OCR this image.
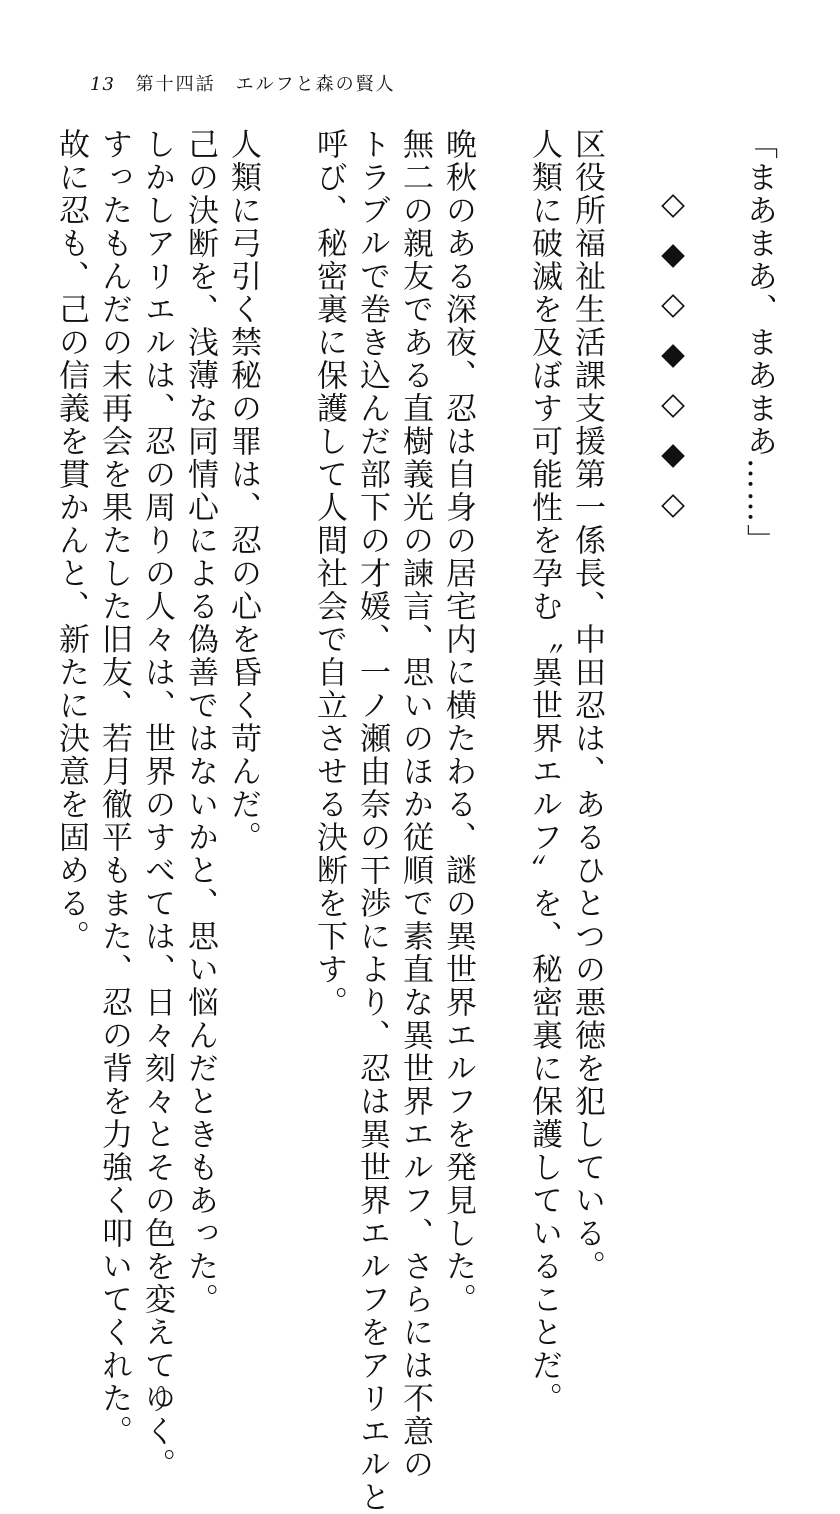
13 第十四話　エルフと森の賢人
「まあまあ、まあまあ……」
◇◆◇◆◇◆◇
区役所福祉生活課支援第一係長、中田忍は、あるひとつの悪徳を犯している。
人類に破滅を及ぼす可能性を孕む〝異世界エルフ〟を、秘密裏に保護していることだ。
晩秋のある深夜、忍は自身の居宅内に横たわる、謎の異世界エルフを発見した。
無二の親友である直樹義光の諫言、思いのほか従順で素直な異世界エルフ、さらには不意の
トラブルで巻き込んだ部下の才媛、一ノ瀬由奈の干渉により、忍は異世界エルフをアリエルと
呼び、秘密裏に保護して人間社会で自立させる決断を下す。
人類に弓引く禁秘の罪は、忍の心を昏く苛んだ。
己の決断を、浅薄な同情心による偽善ではないかと、思い悩んだときもあった。
しかしアリエルは、忍の周りの人々は、世界のすべては、日々刻々とその色を変えてゆく。
すったもんだの末再会を果たした旧友、若月徹平もまた、忍の背を力強く叩いてくれた。
故に忍も、己の信義を貫かんと、新たに決意を固める。
